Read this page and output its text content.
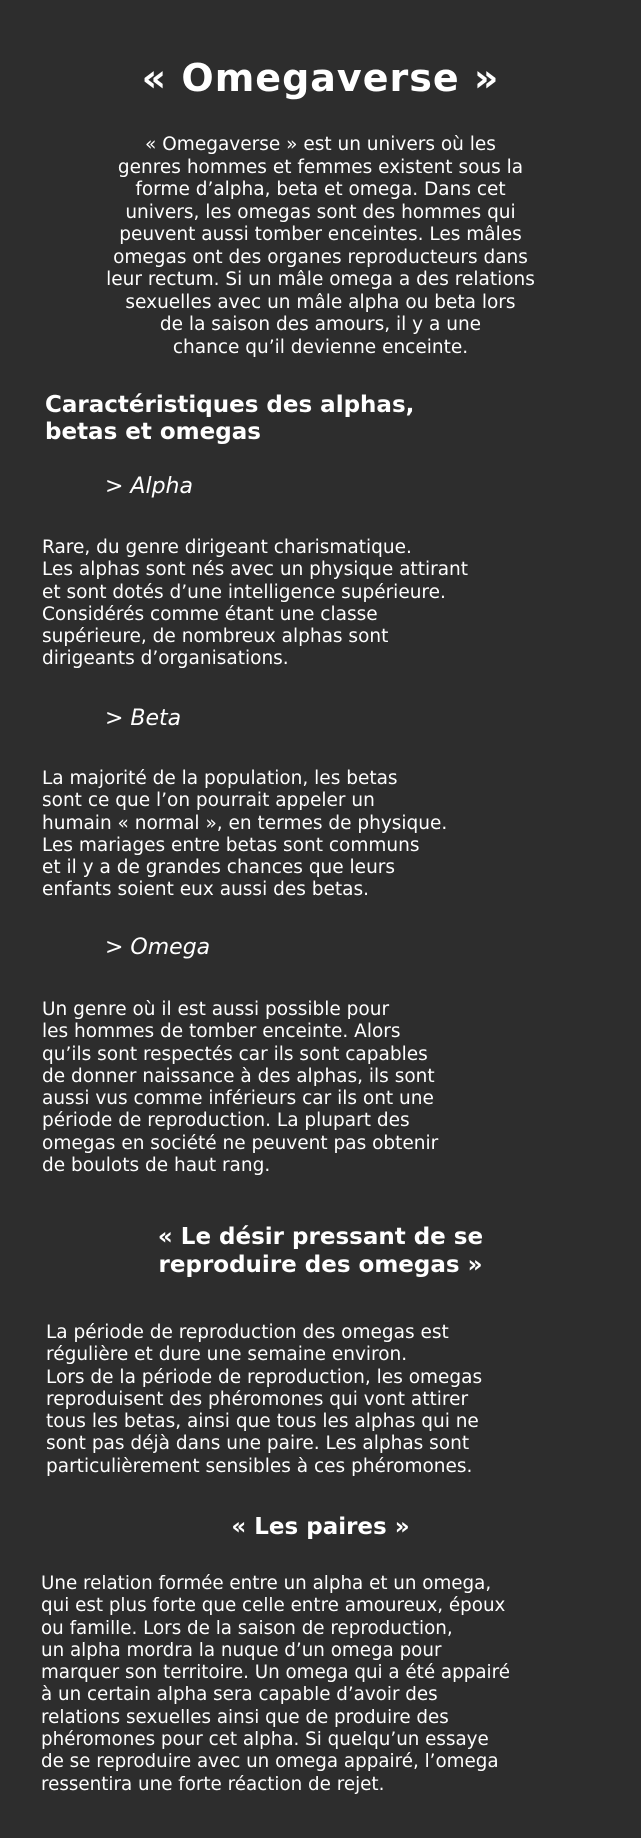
« Omegaverse »
« Omegaverse » est un univers où les
genres hommes et femmes existent sous la
forme d’alpha, beta et omega. Dans cet
univers, les omegas sont des hommes qui
peuvent aussi tomber enceintes. Les mâles
omegas ont des organes reproducteurs dans
leur rectum. Si un mâle omega a des relations
sexuelles avec un mâle alpha ou beta lors
de la saison des amours, il y a une
chance qu’il devienne enceinte.
Caractéristiques des alphas,
betas et omegas
> Alpha
Rare, du genre dirigeant charismatique.
Les alphas sont nés avec un physique attirant
et sont dotés d’une intelligence supérieure.
Considérés comme étant une classe
supérieure, de nombreux alphas sont
dirigeants d’organisations.
> Beta
La majorité de la population, les betas
sont ce que l’on pourrait appeler un
humain « normal », en termes de physique.
Les mariages entre betas sont communs
et il y a de grandes chances que leurs
enfants soient eux aussi des betas.
> Omega
Un genre où il est aussi possible pour
les hommes de tomber enceinte. Alors
qu’ils sont respectés car ils sont capables
de donner naissance à des alphas, ils sont
aussi vus comme inférieurs car ils ont une
période de reproduction. La plupart des
omegas en société ne peuvent pas obtenir
de boulots de haut rang.
« Le désir pressant de se
reproduire des omegas »
La période de reproduction des omegas est
régulière et dure une semaine environ.
Lors de la période de reproduction, les omegas
reproduisent des phéromones qui vont attirer
tous les betas, ainsi que tous les alphas qui ne
sont pas déjà dans une paire. Les alphas sont
particulièrement sensibles à ces phéromones.
« Les paires »
Une relation formée entre un alpha et un omega,
qui est plus forte que celle entre amoureux, époux
ou famille. Lors de la saison de reproduction,
un alpha mordra la nuque d’un omega pour
marquer son territoire. Un omega qui a été appairé
à un certain alpha sera capable d’avoir des
relations sexuelles ainsi que de produire des
phéromones pour cet alpha. Si quelqu’un essaye
de se reproduire avec un omega appairé, l’omega
ressentira une forte réaction de rejet.
